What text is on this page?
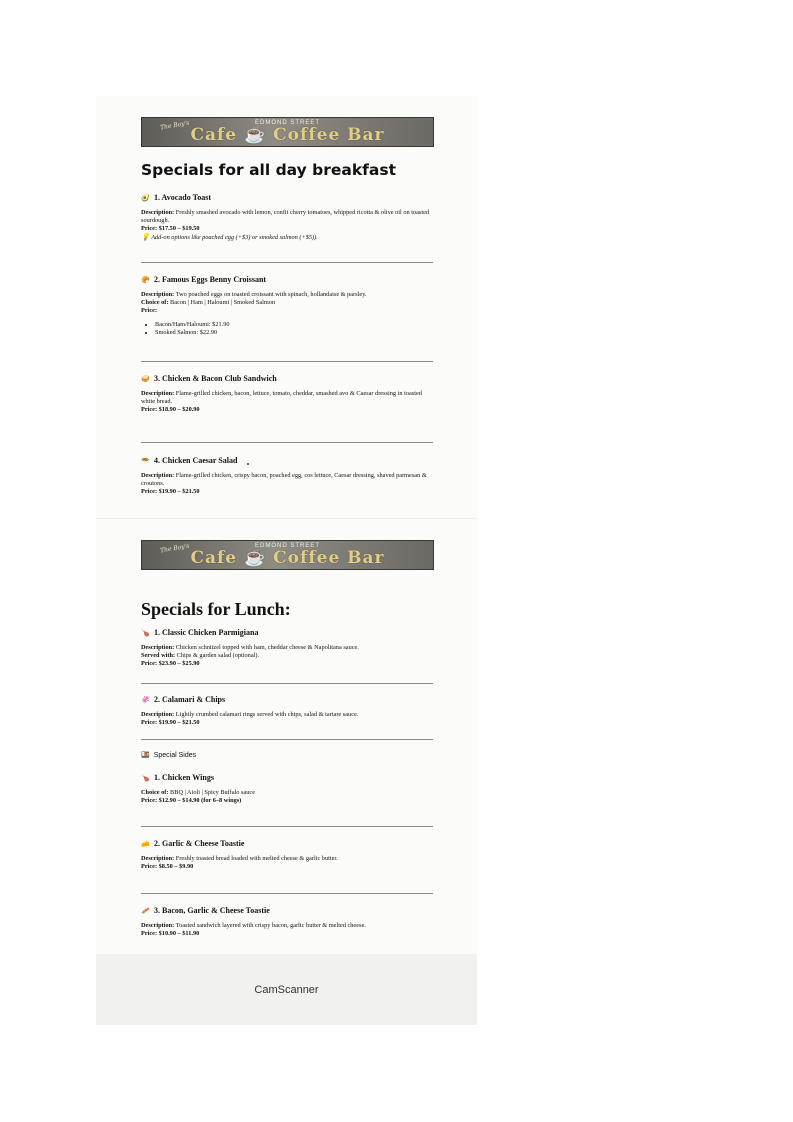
The Boy's	EDMOND STREET
Cafe ☕ Coffee Bar
Specials for all day breakfast
🥑 1. Avocado Toast
Description: Freshly smashed avocado with lemon, confit cherry tomatoes, whipped ricotta & olive oil on toasted sourdough.
Price: $17.50 – $19.50
💡 Add-on options like poached egg (+$3) or smoked salmon (+$5)).
🥐 2. Famous Eggs Benny Croissant
Description: Two poached eggs on toasted croissant with spinach, hollandaise & parsley.
Choice of: Bacon | Ham | Haloumi | Smoked Salmon
Price:
• Bacon/Ham/Haloumi: $21.90
• Smoked Salmon: $22.90
🥪 3. Chicken & Bacon Club Sandwich
Description: Flame-grilled chicken, bacon, lettuce, tomato, cheddar, smashed avo & Caesar dressing in toasted white bread.
Price: $18.90 – $20.90
🥗 4. Chicken Caesar Salad
Description: Flame-grilled chicken, crispy bacon, poached egg, cos lettuce, Caesar dressing, shaved parmesan & croutons.
Price: $19.90 – $21.50
The Boy's	EDMOND STREET
Cafe ☕ Coffee Bar
Specials for Lunch:
🍗 1. Classic Chicken Parmigiana
Description: Chicken schnitzel topped with ham, cheddar cheese & Napolitana sauce.
Served with: Chips & garden salad (optional).
Price: $23.90 – $25.90
🦑 2. Calamari & Chips
Description: Lightly crumbed calamari rings served with chips, salad & tartare sauce.
Price: $19.90 – $21.50
🍱 Special Sides
🍗 1. Chicken Wings
Choice of: BBQ | Aioli | Spicy Buffalo sauce
Price: $12.90 – $14.90 (for 6–8 wings)
🧀 2. Garlic & Cheese Toastie
Description: Freshly toasted bread loaded with melted cheese & garlic butter.
Price: $8.50 – $9.90
🥓 3. Bacon, Garlic & Cheese Toastie
Description: Toasted sandwich layered with crispy bacon, garlic butter & melted cheese.
Price: $10.90 – $11.90
CamScanner
